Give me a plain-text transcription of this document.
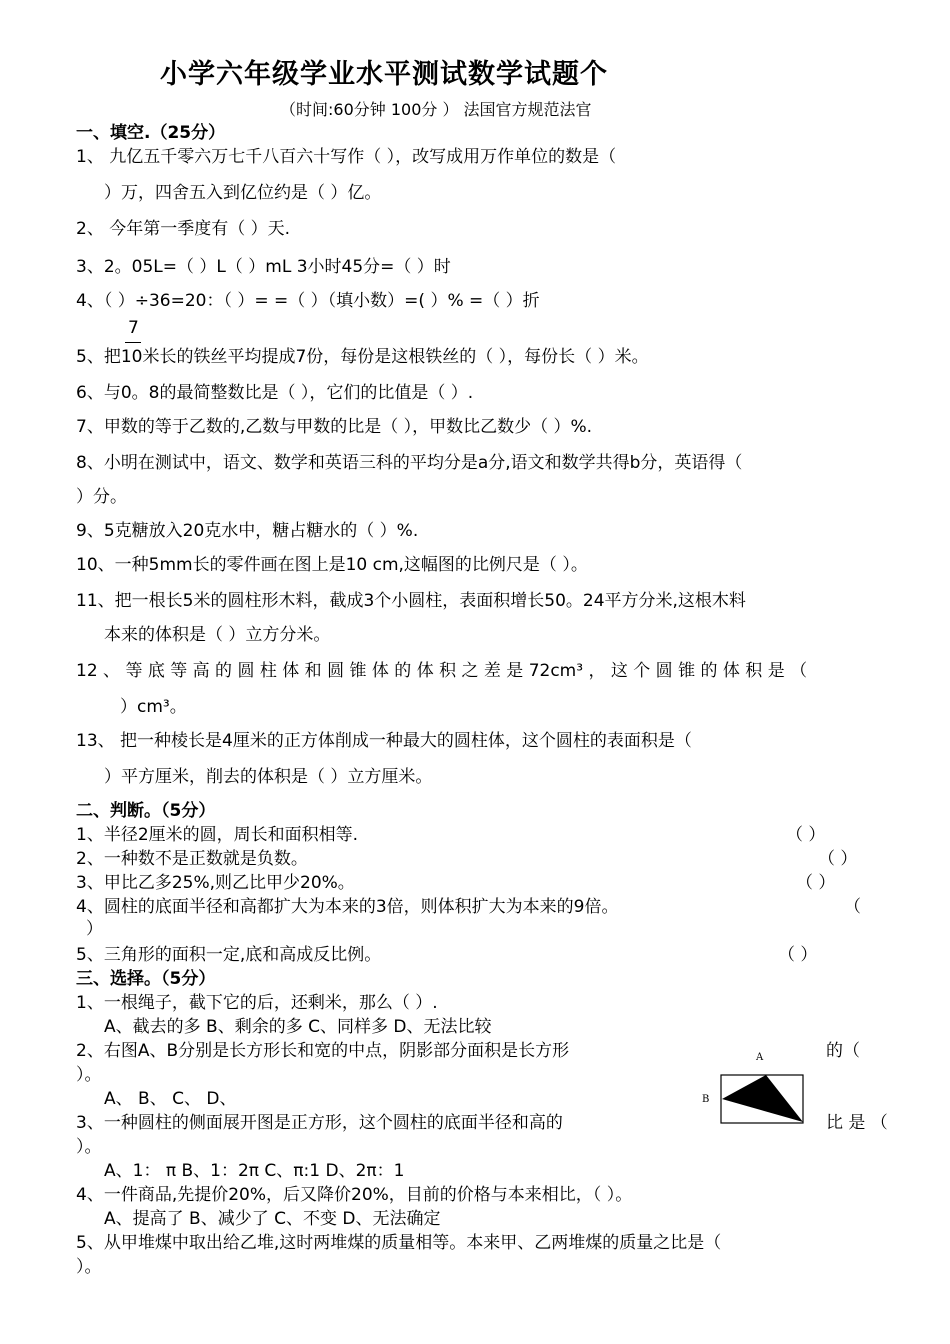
小学六年级学业水平测试数学试题个
（时间:60分钟 100分 ） 法国官方规范法官
一、填空.（25分）
1、 九亿五千零六万七千八百六十写作（ ），改写成用万作单位的数是（
）万，四舍五入到亿位约是（ ）亿。
2、 今年第一季度有（ ）天.
3、2。05L=（ ）L（ ）mL 3小时45分=（ ）时
4、（ ）÷36=20：（ ）= =（ ）（填小数）=( ）% =（ ）折
7
5、把10米长的铁丝平均提成7份，每份是这根铁丝的（ ），每份长（ ）米。
6、与0。8的最简整数比是（ ），它们的比值是（ ）.
7、甲数的等于乙数的,乙数与甲数的比是（ ），甲数比乙数少（ ）%.
8、小明在测试中，语文、数学和英语三科的平均分是a分,语文和数学共得b分，英语得（
）分。
9、5克糖放入20克水中，糖占糖水的（ ）%.
10、一种5mm长的零件画在图上是10 cm,这幅图的比例尺是（ ）。
11、把一根长5米的圆柱形木料，截成3个小圆柱，表面积增长50。24平方分米,这根木料
本来的体积是（ ）立方分米。
12 、 等 底 等 高 的 圆 柱 体 和 圆 锥 体 的 体 积 之 差 是 72cm³ ， 这 个 圆 锥 的 体 积 是 （
）cm³。
13、 把一种棱长是4厘米的正方体削成一种最大的圆柱体，这个圆柱的表面积是（
）平方厘米，削去的体积是（ ）立方厘米。
二、判断。（5分）
1、半径2厘米的圆，周长和面积相等.	（ ）
2、一种数不是正数就是负数。	（ ）
3、甲比乙多25%,则乙比甲少20%。	（ ）
4、圆柱的底面半径和高都扩大为本来的3倍，则体积扩大为本来的9倍。	（
）
5、三角形的面积一定,底和高成反比例。	（ ）
三、选择。（5分）
1、一根绳子，截下它的后，还剩米，那么（ ）.
A、截去的多 B、剩余的多 C、同样多 D、无法比较
2、右图A、B分别是长方形长和宽的中点，阴影部分面积是长方形	的（
）。
A、 B、 C、 D、
A
B
3、一种圆柱的侧面展开图是正方形，这个圆柱的底面半径和高的	比 是 （
）。
A、1： π B、1：2π C、π:1 D、2π：1
4、一件商品,先提价20%，后又降价20%，目前的价格与本来相比，（ ）。
A、提高了 B、减少了 C、不变 D、无法确定
5、从甲堆煤中取出给乙堆,这时两堆煤的质量相等。本来甲、乙两堆煤的质量之比是（
）。
